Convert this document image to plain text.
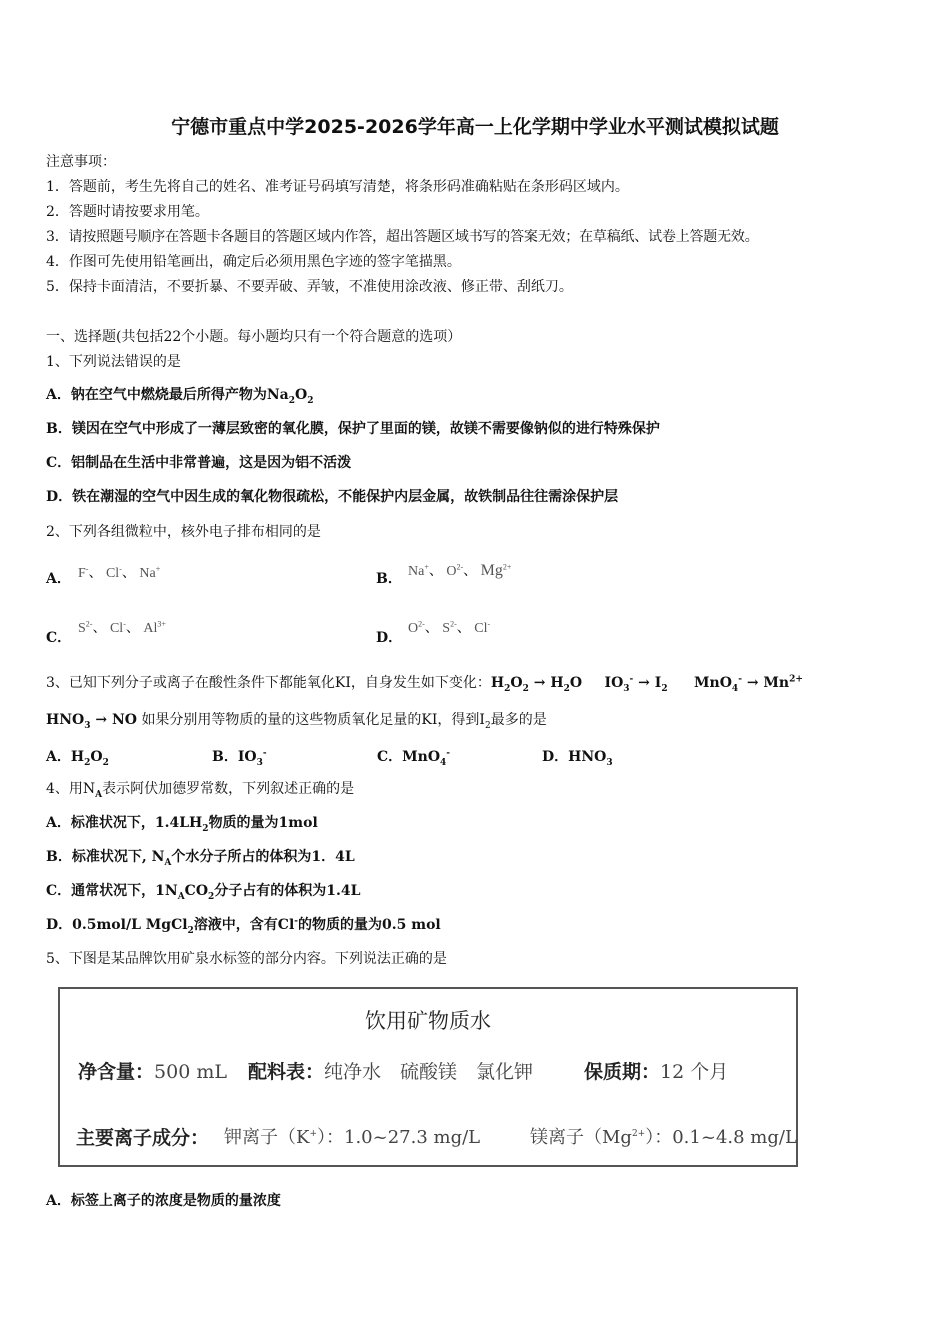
宁德市重点中学2025-2026学年高一上化学期中学业水平测试模拟试题
注意事项：
1．答题前，考生先将自己的姓名、准考证号码填写清楚，将条形码准确粘贴在条形码区域内。
2．答题时请按要求用笔。
3．请按照题号顺序在答题卡各题目的答题区域内作答，超出答题区域书写的答案无效；在草稿纸、试卷上答题无效。
4．作图可先使用铅笔画出，确定后必须用黑色字迹的签字笔描黑。
5．保持卡面清洁，不要折暴、不要弄破、弄皱，不准使用涂改液、修正带、刮纸刀。
一、选择题(共包括22个小题。每小题均只有一个符合题意的选项）
1、下列说法错误的是
A．钠在空气中燃烧最后所得产物为$Na_2O_2$
B．镁因在空气中形成了一薄层致密的氧化膜，保护了里面的镁，故镁不需要像钠似的进行特殊保护
C．铝制品在生活中非常普遍，这是因为铝不活泼
D．铁在潮湿的空气中因生成的氧化物很疏松，不能保护内层金属，故铁制品往往需涂保护层
2、下列各组微粒中，核外电子排布相同的是
A． F-、 Cl-、 Na+
B． Na+、 $O^{2-}$、 $Mg^{2+}$
C．
$S^{2-}$、 Cl-、 $Al^{3+}$
D．
$O^{2-}$、 $S^{2-}$、 Cl-
3、已知下列分子或离子在酸性条件下都能氧化KI，自身发生如下变化：$H_2O_2 \to H_2O$ $IO_3^- \to I_2$ $MnO_4^- \to Mn^{2+}$
$HNO_3$ → NO 如果分别用等物质的量的这些物质氧化足量的KI，得到$I_2$最多的是
A．$H_2O_2$	B．$IO_3^-$	C．MnO$_4$-	D．$HNO_3$
4、用$N_A$表示阿伏加德罗常数，下列叙述正确的是
A．标准状况下，$1.4LH_2$物质的量为1mol
B．标准状况下, $N_A$个水分子所占的体积为1．4L
C．通常状况下，$1N_ACO_2$分子占有的体积为1.4L
D．0.5mol/L MgCl$_2$溶液中，含有Cl-的物质的量为0.5 mol
5、下图是某品牌饮用矿泉水标签的部分内容。下列说法正确的是
饮用矿物质水
净含量：500 mL 配料表：纯净水　硫酸镁　氯化钾	保质期：12 个月
主要离子成分： 钾离子（K+）：1.0~27.3 mg/L	镁离子$(Mg^{2+})$：0.1~4.8 mg/L
A．标签上离子的浓度是物质的量浓度
